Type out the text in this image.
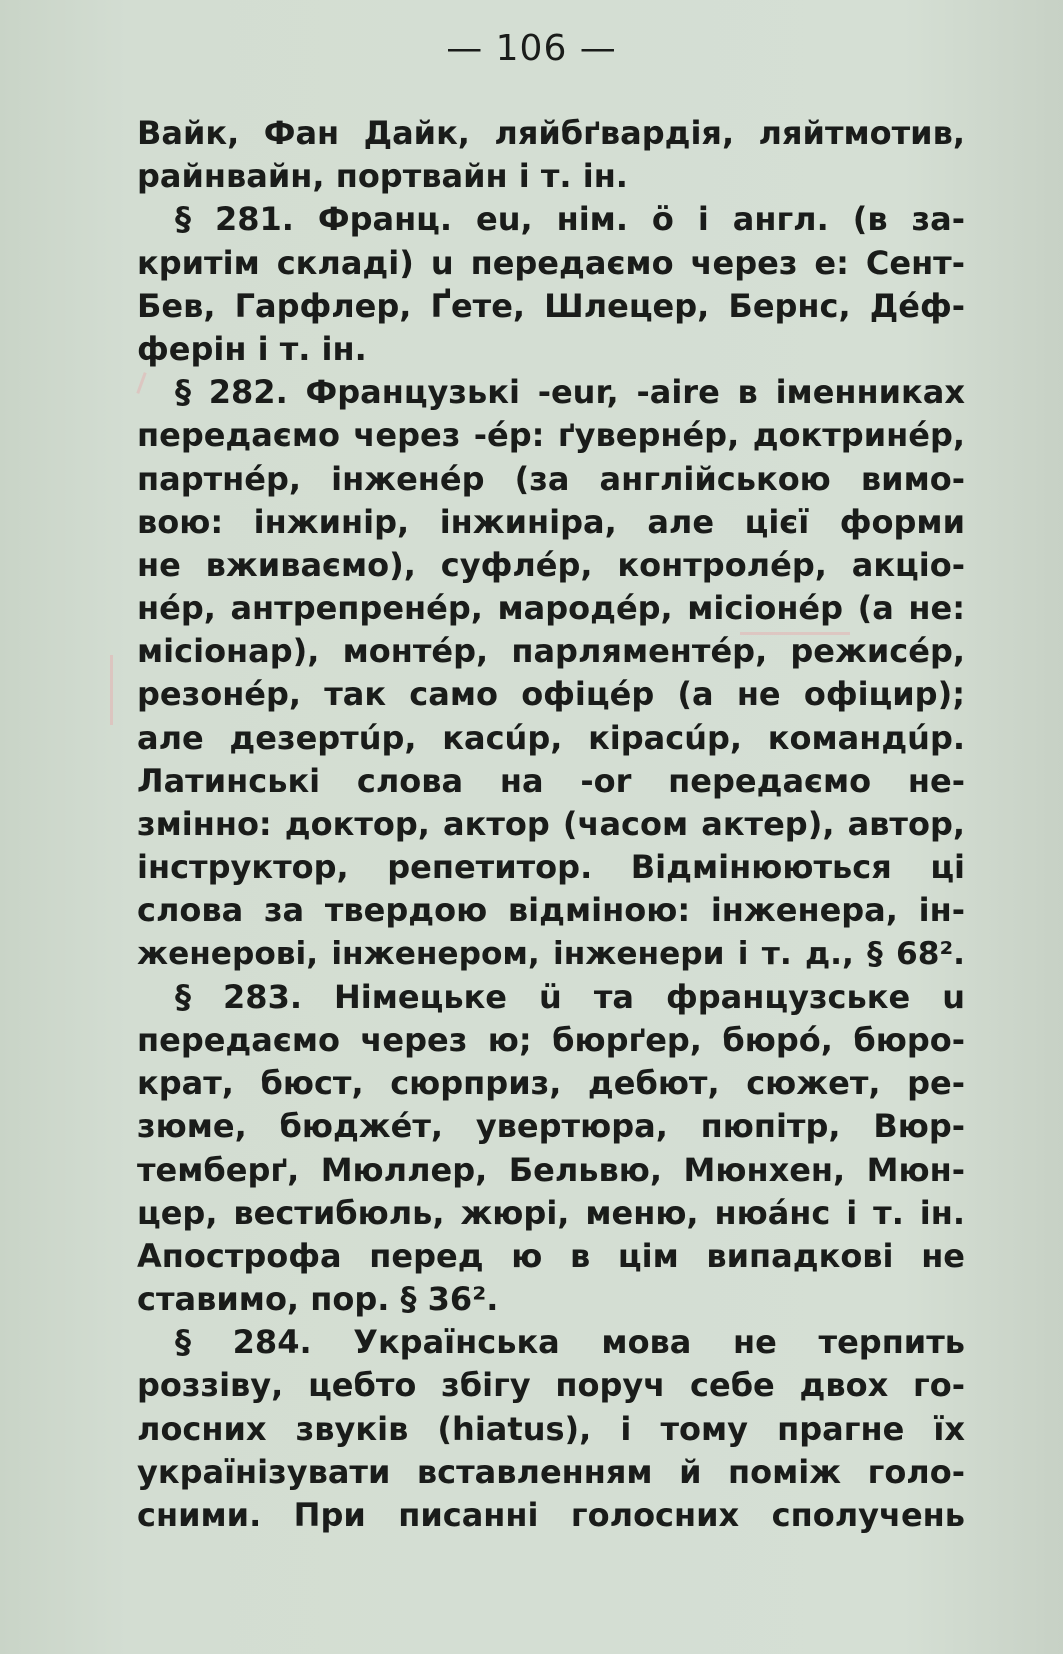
— 106 —
Вайк, Фан Дайк, ляйбґвардія, ляйтмотив,
райнвайн, портвайн і т. ін.
§ 281. Франц. eu, нім. ö і англ. (в за-
критім складі) u передаємо через е: Сент-
Бев, Гарфлер, Ґете, Шлецер, Бернс, Дéф-
ферін і т. ін.
§ 282. Французькі -eur, -aire в іменниках
передаємо через -éр: ґувернéр, доктринéр,
партнéр, інженéр (за англійською вимо-
вою: інжинір, інжиніра, але цієї форми
не вживаємо), суфлéр, контролéр, акціо-
нéр, антрепренéр, мародéр, місіонéр (а не:
місіонар), монтéр, парляментéр, режисéр,
резонéр, так само офіцéр (а не офіцир);
але дезертúр, касúр, кірасúр, командúр.
Латинські слова на -or передаємо не-
змінно: доктор, актор (часом актер), автор,
інструктор, репетитор. Відмінюються ці
слова за твердою відміною: інженера, ін-
женерові, інженером, інженери і т. д., § 68².
§ 283. Німецьке ü та французське u
передаємо через ю; бюрґер, бюрó, бюро-
крат, бюст, сюрприз, дебют, сюжет, ре-
зюме, бюджéт, увертюра, пюпітр, Вюр-
темберґ, Мюллер, Бельвю, Мюнхен, Мюн-
цер, вестибюль, жюрі, меню, нюáнс і т. ін.
Апострофа перед ю в цім випадкові не
ставимо, пор. § 36².
§ 284. Українська мова не терпить
роззіву, цебто збігу поруч себе двох го-
лосних звуків (hiatus), і тому прагне їх
українізувати вставленням й поміж голо-
сними. При писанні голосних сполучень
